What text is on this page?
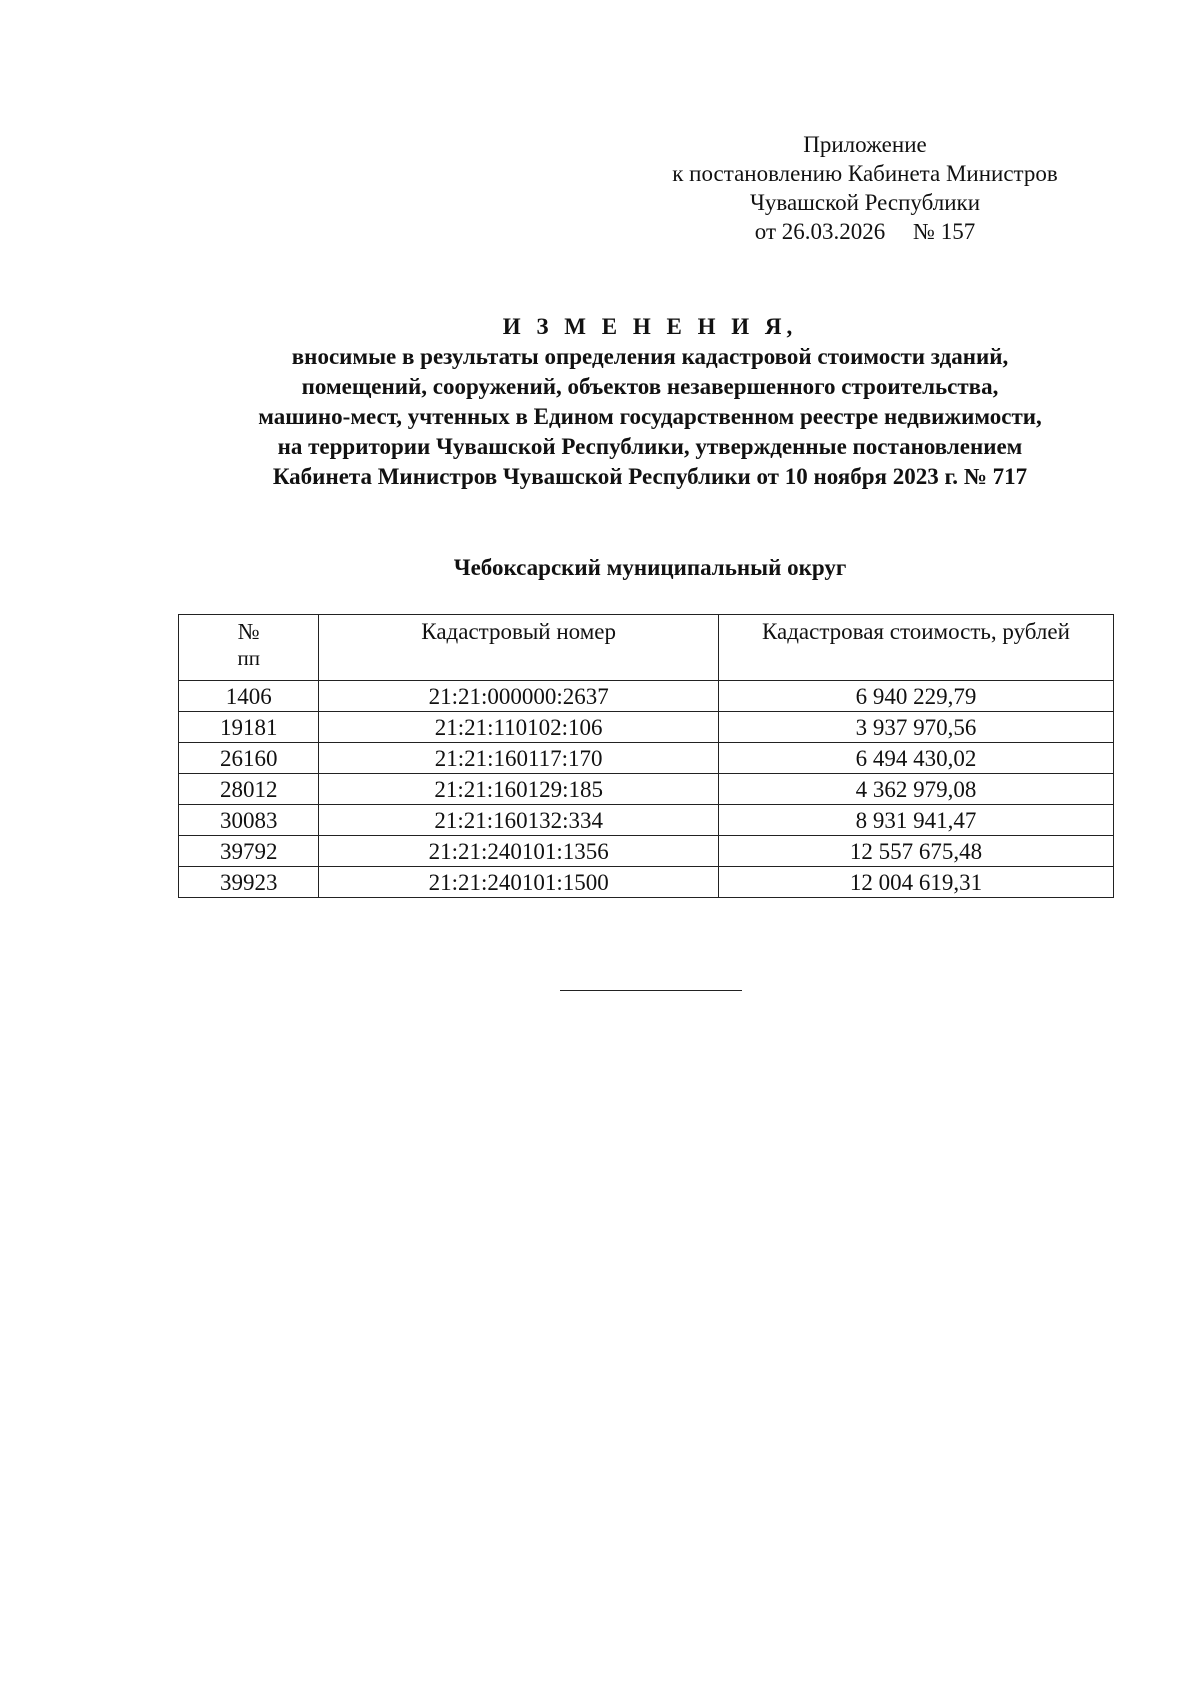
Приложение
к постановлению Кабинета Министров
Чувашской Республики
от 26.03.2026 № 157
И З М Е Н Е Н И Я,
вносимые в результаты определения кадастровой стоимости зданий,
помещений, сооружений, объектов незавершенного строительства,
машино-мест, учтенных в Едином государственном реестре недвижимости,
на территории Чувашской Республики, утвержденные постановлением
Кабинета Министров Чувашской Республики от 10 ноября 2023 г. № 717
Чебоксарский муниципальный округ
№
пп	Кадастровый номер	Кадастровая стоимость, рублей
1406	21:21:000000:2637	6 940 229,79
19181	21:21:110102:106	3 937 970,56
26160	21:21:160117:170	6 494 430,02
28012	21:21:160129:185	4 362 979,08
30083	21:21:160132:334	8 931 941,47
39792	21:21:240101:1356	12 557 675,48
39923	21:21:240101:1500	12 004 619,31
